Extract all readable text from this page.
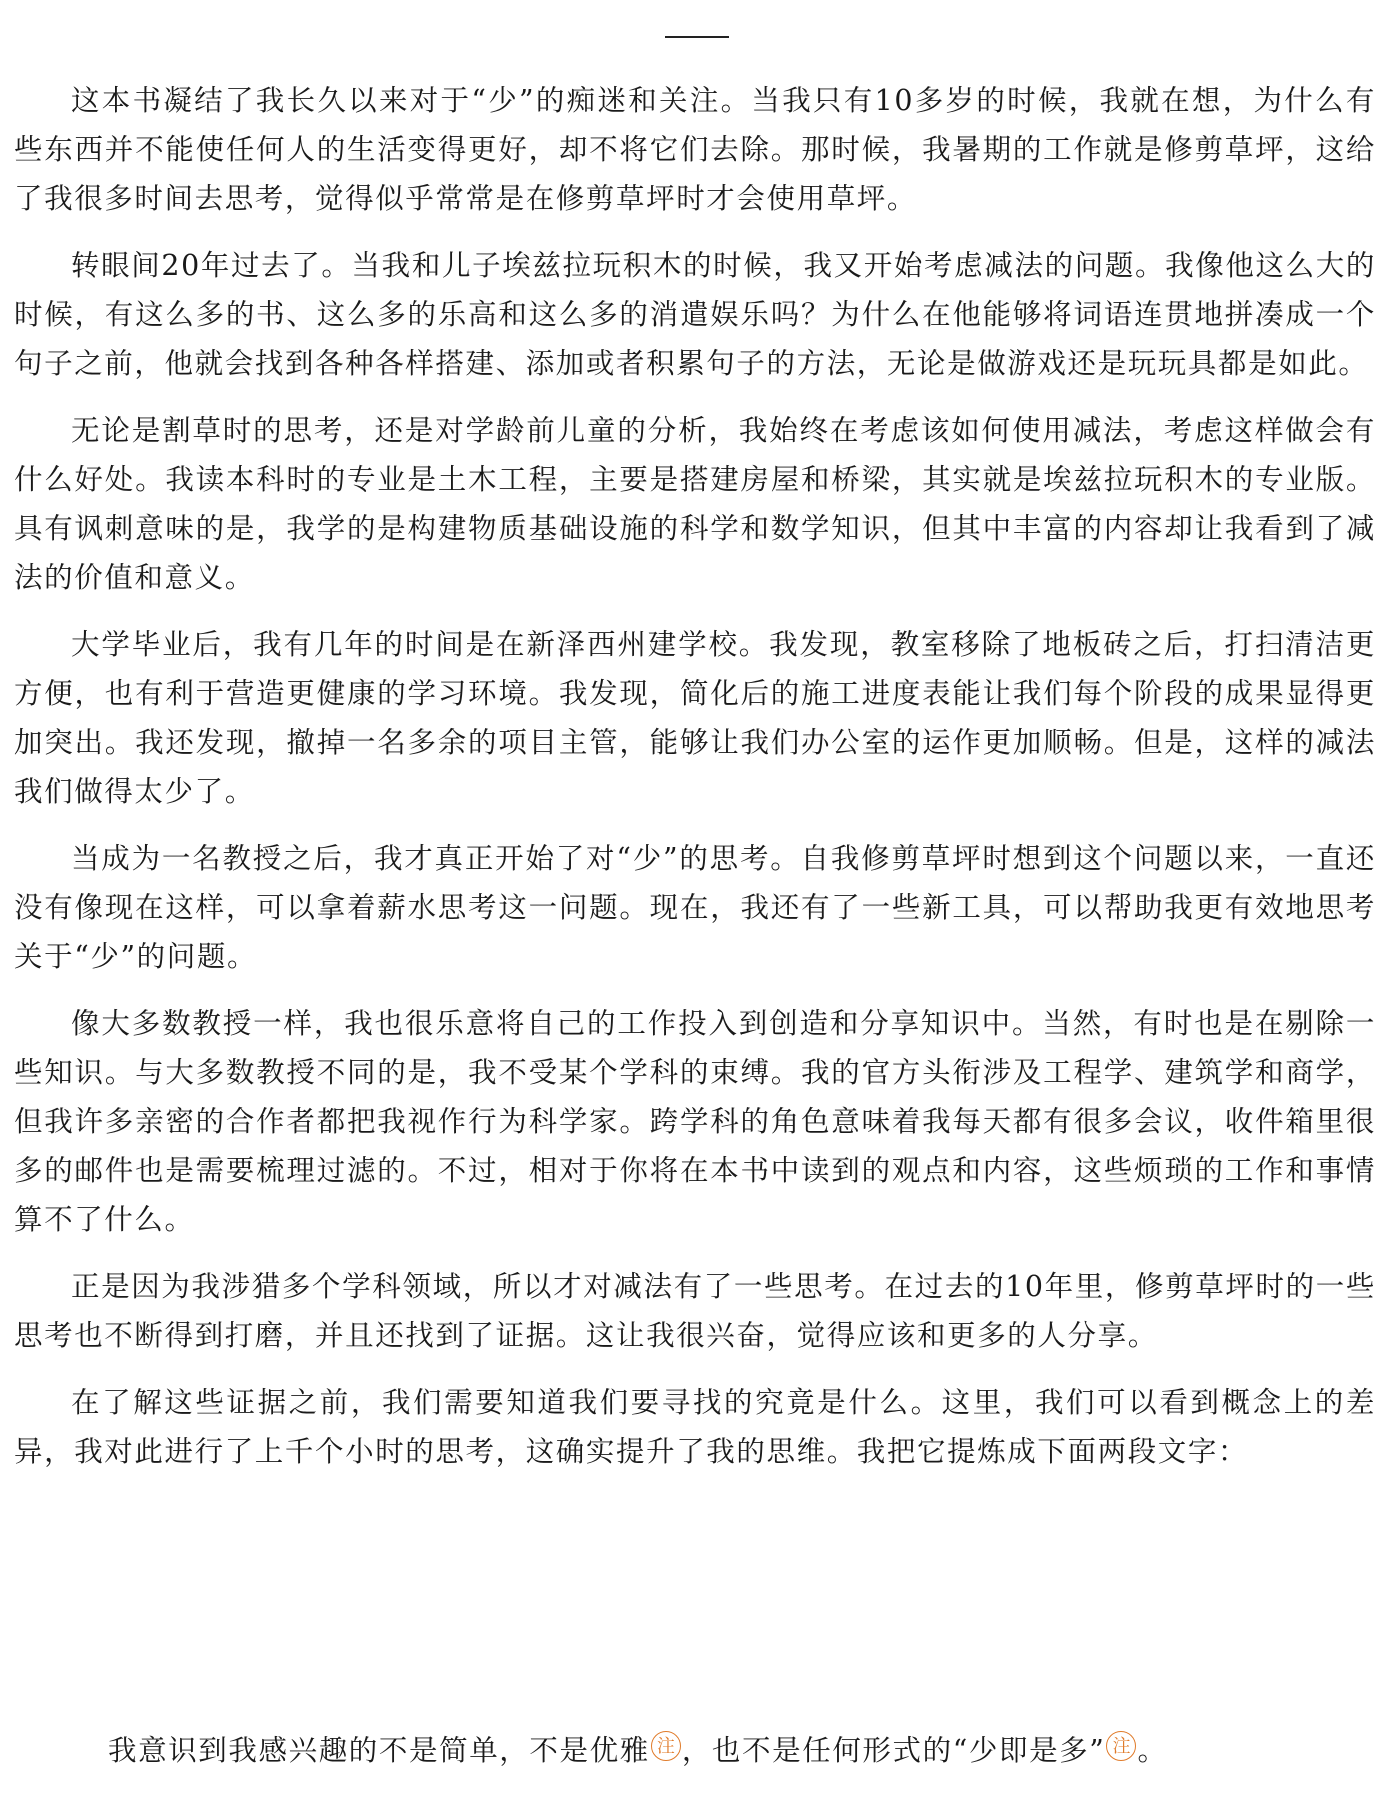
这本书凝结了我长久以来对于“少”的痴迷和关注。当我只有10多岁的时候，我就在想，为什么有些东西并不能使任何人的生活变得更好，却不将它们去除。那时候，我暑期的工作就是修剪草坪，这给了我很多时间去思考，觉得似乎常常是在修剪草坪时才会使用草坪。

转眼间20年过去了。当我和儿子埃兹拉玩积木的时候，我又开始考虑减法的问题。我像他这么大的时候，有这么多的书、这么多的乐高和这么多的消遣娱乐吗？为什么在他能够将词语连贯地拼凑成一个句子之前，他就会找到各种各样搭建、添加或者积累句子的方法，无论是做游戏还是玩玩具都是如此。

无论是割草时的思考，还是对学龄前儿童的分析，我始终在考虑该如何使用减法，考虑这样做会有什么好处。我读本科时的专业是土木工程，主要是搭建房屋和桥梁，其实就是埃兹拉玩积木的专业版。具有讽刺意味的是，我学的是构建物质基础设施的科学和数学知识，但其中丰富的内容却让我看到了减法的价值和意义。

大学毕业后，我有几年的时间是在新泽西州建学校。我发现，教室移除了地板砖之后，打扫清洁更方便，也有利于营造更健康的学习环境。我发现，简化后的施工进度表能让我们每个阶段的成果显得更加突出。我还发现，撤掉一名多余的项目主管，能够让我们办公室的运作更加顺畅。但是，这样的减法我们做得太少了。

当成为一名教授之后，我才真正开始了对“少”的思考。自我修剪草坪时想到这个问题以来，一直还没有像现在这样，可以拿着薪水思考这一问题。现在，我还有了一些新工具，可以帮助我更有效地思考关于“少”的问题。

像大多数教授一样，我也很乐意将自己的工作投入到创造和分享知识中。当然，有时也是在剔除一些知识。与大多数教授不同的是，我不受某个学科的束缚。我的官方头衔涉及工程学、建筑学和商学，但我许多亲密的合作者都把我视作行为科学家。跨学科的角色意味着我每天都有很多会议，收件箱里很多的邮件也是需要梳理过滤的。不过，相对于你将在本书中读到的观点和内容，这些烦琐的工作和事情算不了什么。

正是因为我涉猎多个学科领域，所以才对减法有了一些思考。在过去的10年里，修剪草坪时的一些思考也不断得到打磨，并且还找到了证据。这让我很兴奋，觉得应该和更多的人分享。

在了解这些证据之前，我们需要知道我们要寻找的究竟是什么。这里，我们可以看到概念上的差异，我对此进行了上千个小时的思考，这确实提升了我的思维。我把它提炼成下面两段文字：

我意识到我感兴趣的不是简单，不是优雅 注 ，也不是任何形式的“少即是多” 注 。
